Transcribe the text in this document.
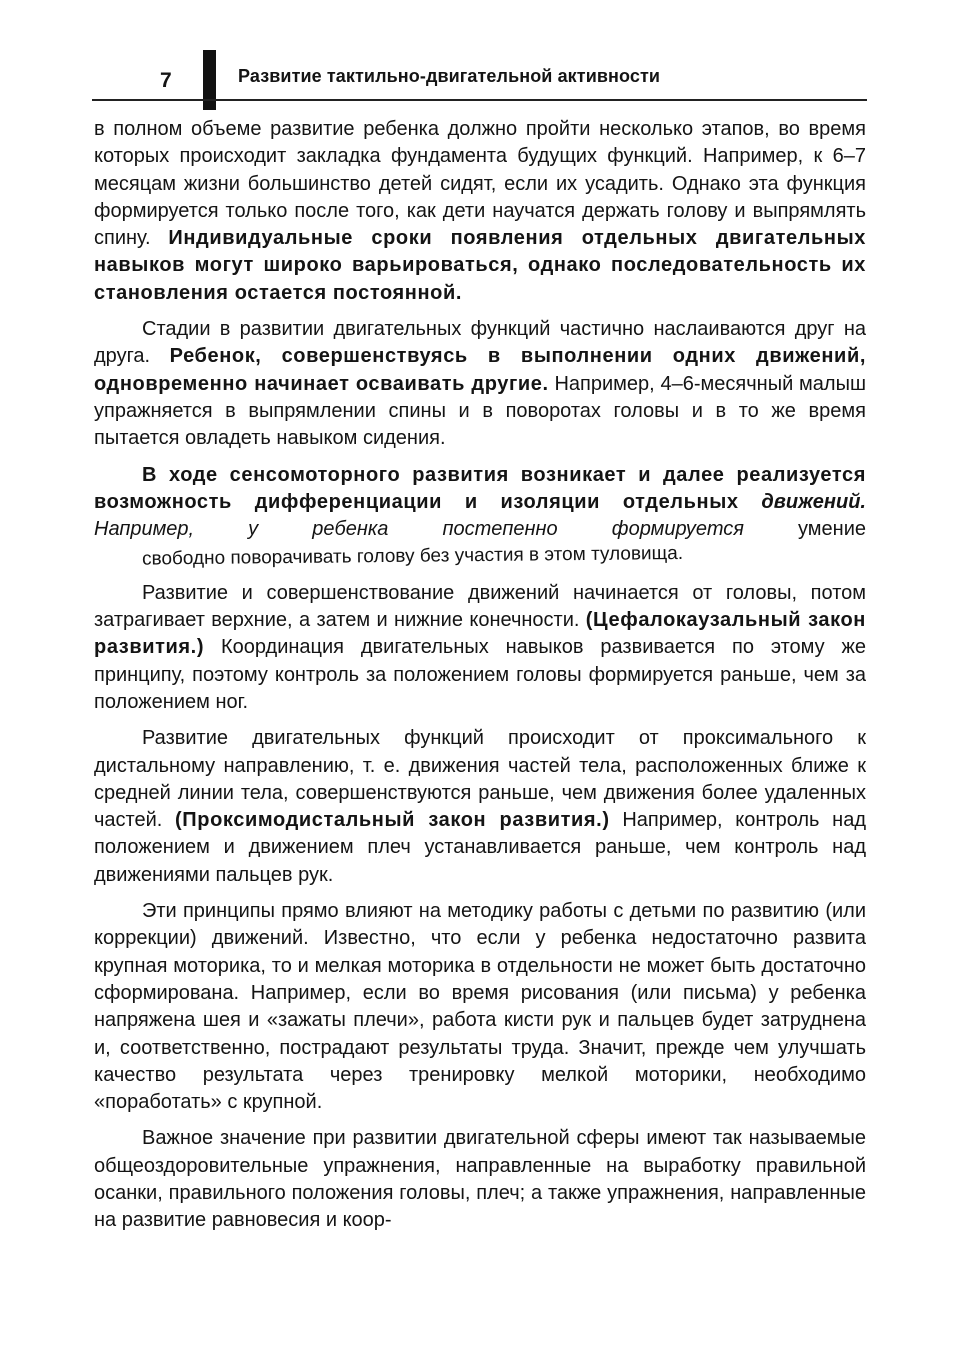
7	Развитие тактильно-двигательной активности

в полном объеме развитие ребенка должно пройти несколько этапов, во время которых происходит закладка фундамента будущих функций. Например, к 6–7 месяцам жизни большинство детей сидят, если их усадить. Однако эта функция формируется только после того, как дети научатся держать голову и выпрямлять спину. Индивидуальные сроки появления отдельных двигательных навыков могут широко варьироваться, однако последовательность их становления остается постоянной.

Стадии в развитии двигательных функций частично наслаиваются друг на друга. Ребенок, совершенствуясь в выполнении одних движений, одновременно начинает осваивать другие. Например, 4–6-месячный малыш упражняется в выпрямлении спины и в поворотах головы и в то же время пытается овладеть навыком сидения.

В ходе сенсомоторного развития возникает и далее реализуется возможность дифференциации и изоляции отдельных движений. Например, у ребенка постепенно формируется умение свободно поворачивать голову без участия в этом туловища.

Развитие и совершенствование движений начинается от головы, потом затрагивает верхние, а затем и нижние конечности. (Цефалокаузальный закон развития.) Координация двигательных навыков развивается по этому же принципу, поэтому контроль за положением головы формируется раньше, чем за положением ног.

Развитие двигательных функций происходит от проксимального к дистальному направлению, т. е. движения частей тела, расположенных ближе к средней линии тела, совершенствуются раньше, чем движения более удаленных частей. (Проксимодистальный закон развития.) Например, контроль над положением и движением плеч устанавливается раньше, чем контроль над движениями пальцев рук.

Эти принципы прямо влияют на методику работы с детьми по развитию (или коррекции) движений. Известно, что если у ребенка недостаточно развита крупная моторика, то и мелкая моторика в отдельности не может быть достаточно сформирована. Например, если во время рисования (или письма) у ребенка напряжена шея и «зажаты плечи», работа кисти рук и пальцев будет затруднена и, соответственно, пострадают результаты труда. Значит, прежде чем улучшать качество результата через тренировку мелкой моторики, необходимо «поработать» с крупной.

Важное значение при развитии двигательной сферы имеют так называемые общеоздоровительные упражнения, направленные на выработку правильной осанки, правильного положения головы, плеч; а также упражнения, направленные на развитие равновесия и коор-
